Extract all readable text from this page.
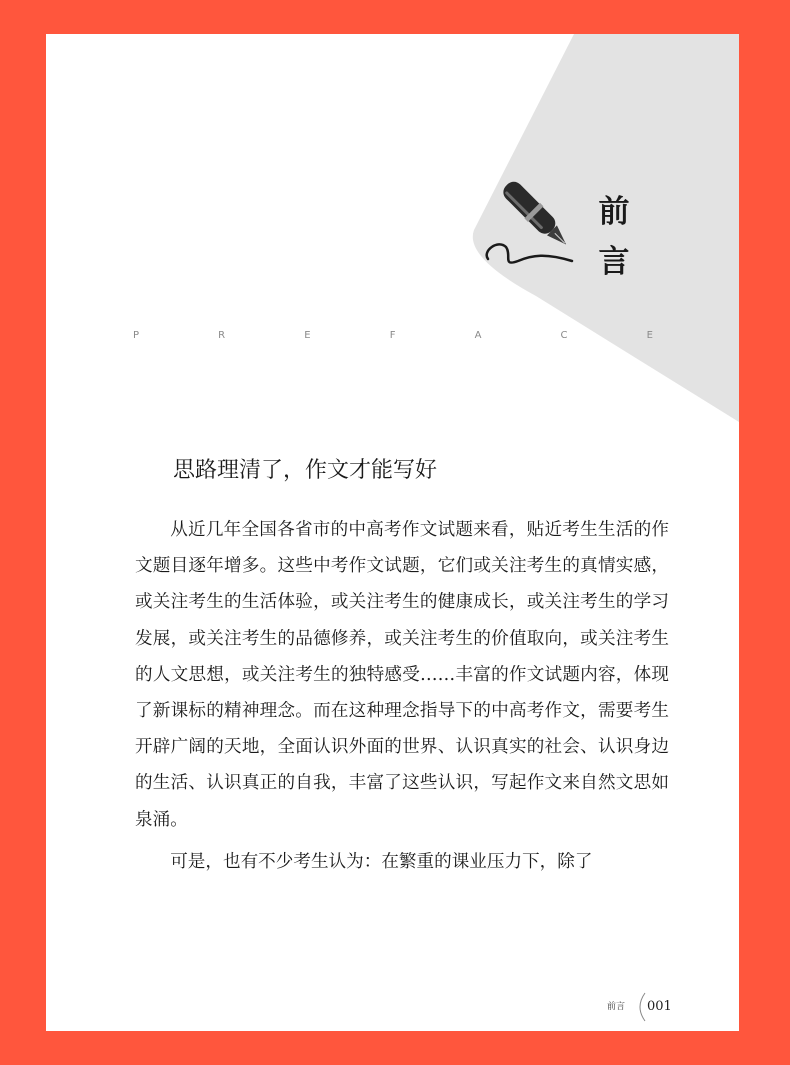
前
言
P	R	E	F	A	C	E
思路理清了，作文才能写好

从近几年全国各省市的中高考作文试题来看，贴近考生生活的作文题目逐年增多。这些中考作文试题，它们或关注考生的真情实感，或关注考生的生活体验，或关注考生的健康成长，或关注考生的学习发展，或关注考生的品德修养，或关注考生的价值取向，或关注考生的人文思想，或关注考生的独特感受……丰富的作文试题内容，体现了新课标的精神理念。而在这种理念指导下的中高考作文，需要考生开辟广阔的天地，全面认识外面的世界、认识真实的社会、认识身边的生活、认识真正的自我，丰富了这些认识，写起作文来自然文思如泉涌。

可是，也有不少考生认为：在繁重的课业压力下，除了

前言 001
